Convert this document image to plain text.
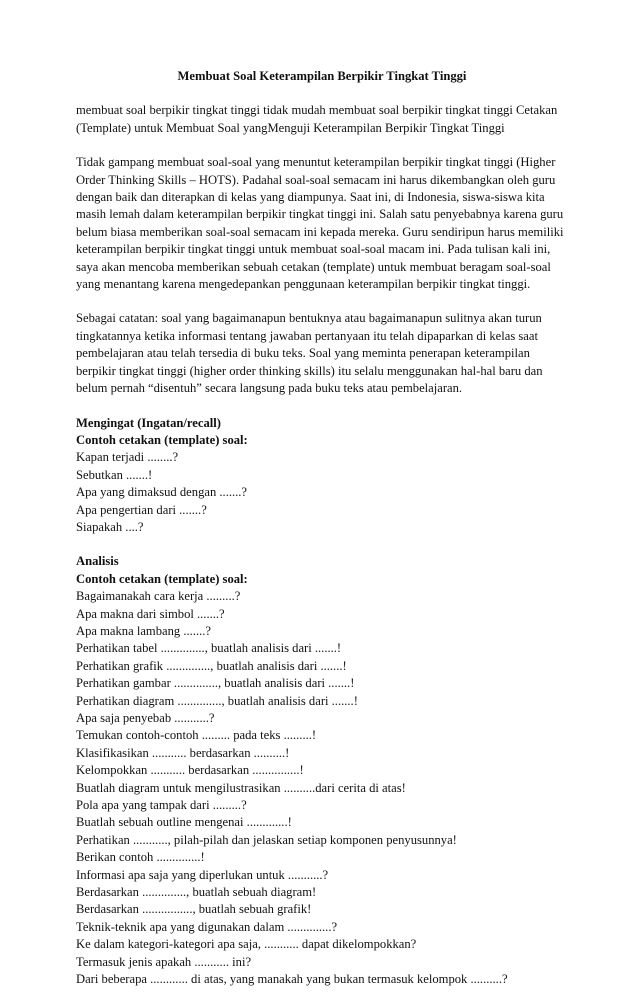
Membuat Soal Keterampilan Berpikir Tingkat Tinggi

membuat soal berpikir tingkat tinggi tidak mudah membuat soal berpikir tingkat tinggi Cetakan (Template) untuk Membuat Soal yangMenguji Keterampilan Berpikir Tingkat Tinggi

Tidak gampang membuat soal-soal yang menuntut keterampilan berpikir tingkat tinggi (Higher Order Thinking Skills – HOTS). Padahal soal-soal semacam ini harus dikembangkan oleh guru dengan baik dan diterapkan di kelas yang diampunya. Saat ini, di Indonesia, siswa-siswa kita masih lemah dalam keterampilan berpikir tingkat tinggi ini. Salah satu penyebabnya karena guru belum biasa memberikan soal-soal semacam ini kepada mereka. Guru sendiripun harus memiliki keterampilan berpikir tingkat tinggi untuk membuat soal-soal macam ini. Pada tulisan kali ini, saya akan mencoba memberikan sebuah cetakan (template) untuk membuat beragam soal-soal yang menantang karena mengedepankan penggunaan keterampilan berpikir tingkat tinggi.

Sebagai catatan: soal yang bagaimanapun bentuknya atau bagaimanapun sulitnya akan turun tingkatannya ketika informasi tentang jawaban pertanyaan itu telah dipaparkan di kelas saat pembelajaran atau telah tersedia di buku teks. Soal yang meminta penerapan keterampilan berpikir tingkat tinggi (higher order thinking skills) itu selalu menggunakan hal-hal baru dan belum pernah “disentuh” secara langsung pada buku teks atau pembelajaran.

Mengingat (Ingatan/recall)
Contoh cetakan (template) soal:
Kapan terjadi ........?
Sebutkan .......!
Apa yang dimaksud dengan .......?
Apa pengertian dari .......?
Siapakah ....?
Analisis
Contoh cetakan (template) soal:
Bagaimanakah cara kerja .........?
Apa makna dari simbol .......?
Apa makna lambang .......?
Perhatikan tabel .............., buatlah analisis dari .......!
Perhatikan grafik .............., buatlah analisis dari .......!
Perhatikan gambar .............., buatlah analisis dari .......!
Perhatikan diagram .............., buatlah analisis dari .......!
Apa saja penyebab ...........?
Temukan contoh-contoh ......... pada teks .........!
Klasifikasikan ........... berdasarkan ..........!
Kelompokkan ........... berdasarkan ...............!
Buatlah diagram untuk mengilustrasikan ..........dari cerita di atas!
Pola apa yang tampak dari .........?
Buatlah sebuah outline mengenai .............!
Perhatikan ..........., pilah-pilah dan jelaskan setiap komponen penyusunnya!
Berikan contoh ..............!
Informasi apa saja yang diperlukan untuk ...........?
Berdasarkan .............., buatlah sebuah diagram!
Berdasarkan ................, buatlah sebuah grafik!
Teknik-teknik apa yang digunakan dalam ..............?
Ke dalam kategori-kategori apa saja, ........... dapat dikelompokkan?
Termasuk jenis apakah ........... ini?
Dari beberapa ............ di atas, yang manakah yang bukan termasuk kelompok ..........?
